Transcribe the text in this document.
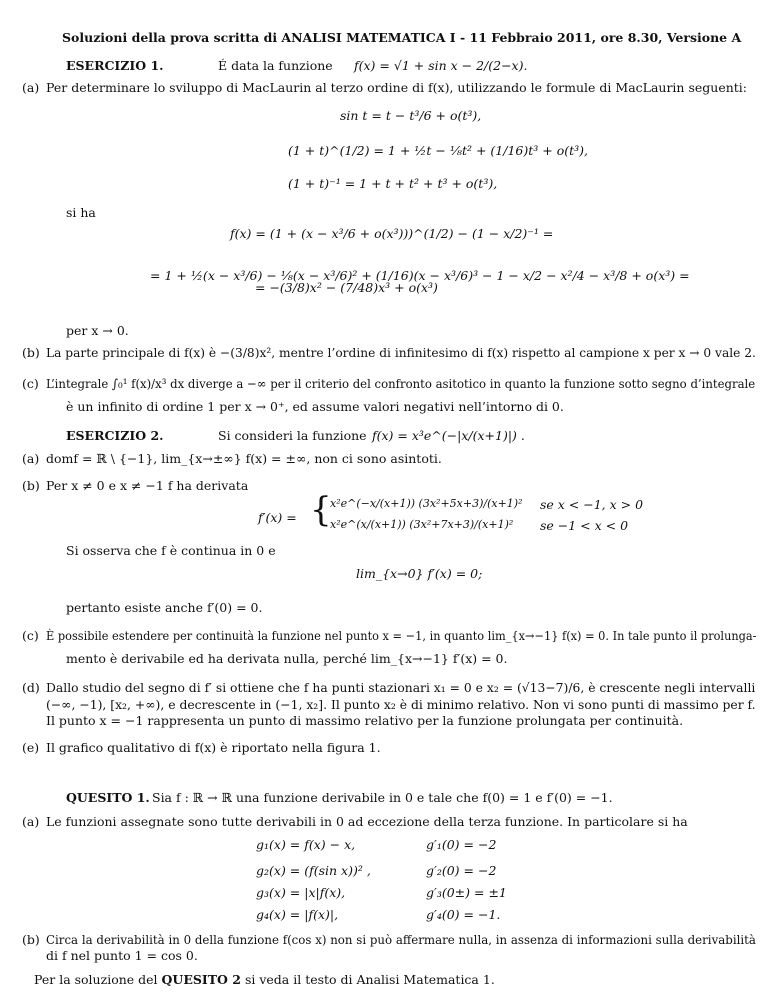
Soluzioni della prova scritta di ANALISI MATEMATICA I - 11 Febbraio 2011, ore 8.30, Versione A
ESERCIZIO 1.	É data la funzione f(x) = √1 + sin x − 2/(2−x).
(a) Per determinare lo sviluppo di MacLaurin al terzo ordine di f(x), utilizzando le formule di MacLaurin seguenti:
sin t = t − t³/6 + o(t³),
(1 + t)^(1/2) = 1 + ½t − ⅛t² + (1/16)t³ + o(t³),
(1 + t)⁻¹ = 1 + t + t² + t³ + o(t³),
si ha
f(x) = (1 + (x − x³/6 + o(x³)))^(1/2) − (1 − x/2)⁻¹ =
= 1 + ½(x − x³/6) − ⅛(x − x³/6)² + (1/16)(x − x³/6)³ − 1 − x/2 − x²/4 − x³/8 + o(x³) =
= −(3/8)x² − (7/48)x³ + o(x³)
per x → 0.
(b) La parte principale di f(x) è −(3/8)x², mentre l’ordine di infinitesimo di f(x) rispetto al campione x per x → 0 vale 2.
(c) L’integrale ∫₀¹ f(x)/x³ dx diverge a −∞ per il criterio del confronto asitotico in quanto la funzione sotto segno d’integrale
è un infinito di ordine 1 per x → 0⁺, ed assume valori negativi nell’intorno di 0.
ESERCIZIO 2.	Si consideri la funzione f(x) = x³e^(−|x/(x+1)|) .
(a) domf = ℝ \ {−1}, lim_{x→±∞} f(x) = ±∞, non ci sono asintoti.
(b) Per x ≠ 0 e x ≠ −1 f ha derivata
f′(x) = {
x²e^(−x/(x+1)) (3x²+5x+3)/(x+1)² se x < −1, x > 0
x²e^(x/(x+1)) (3x²+7x+3)/(x+1)² se −1 < x < 0
Si osserva che f è continua in 0 e
lim_{x→0} f′(x) = 0;
pertanto esiste anche f′(0) = 0.
(c) È possibile estendere per continuità la funzione nel punto x = −1, in quanto lim_{x→−1} f(x) = 0. In tale punto il prolunga-
mento è derivabile ed ha derivata nulla, perché lim_{x→−1} f′(x) = 0.
(d) Dallo studio del segno di f′ si ottiene che f ha punti stazionari x₁ = 0 e x₂ = (√13−7)/6, è crescente negli intervalli
(−∞, −1), [x₂, +∞), e decrescente in (−1, x₂]. Il punto x₂ è di minimo relativo. Non vi sono punti di massimo per f.
Il punto x = −1 rappresenta un punto di massimo relativo per la funzione prolungata per continuità.
(e) Il grafico qualitativo di f(x) è riportato nella figura 1.
QUESITO 1. Sia f : ℝ → ℝ una funzione derivabile in 0 e tale che f(0) = 1 e f′(0) = −1.
(a) Le funzioni assegnate sono tutte derivabili in 0 ad eccezione della terza funzione. In particolare si ha
g₁(x) = f(x) − x,	g′₁(0) = −2
g₂(x) = (f(sin x))² ,	g′₂(0) = −2
g₃(x) = |x|f(x),	g′₃(0±) = ±1
g₄(x) = |f(x)|,	g′₄(0) = −1.
(b) Circa la derivabilità in 0 della funzione f(cos x) non si può affermare nulla, in assenza di informazioni sulla derivabilità
di f nel punto 1 = cos 0.
Per la soluzione del QUESITO 2 si veda il testo di Analisi Matematica 1.
